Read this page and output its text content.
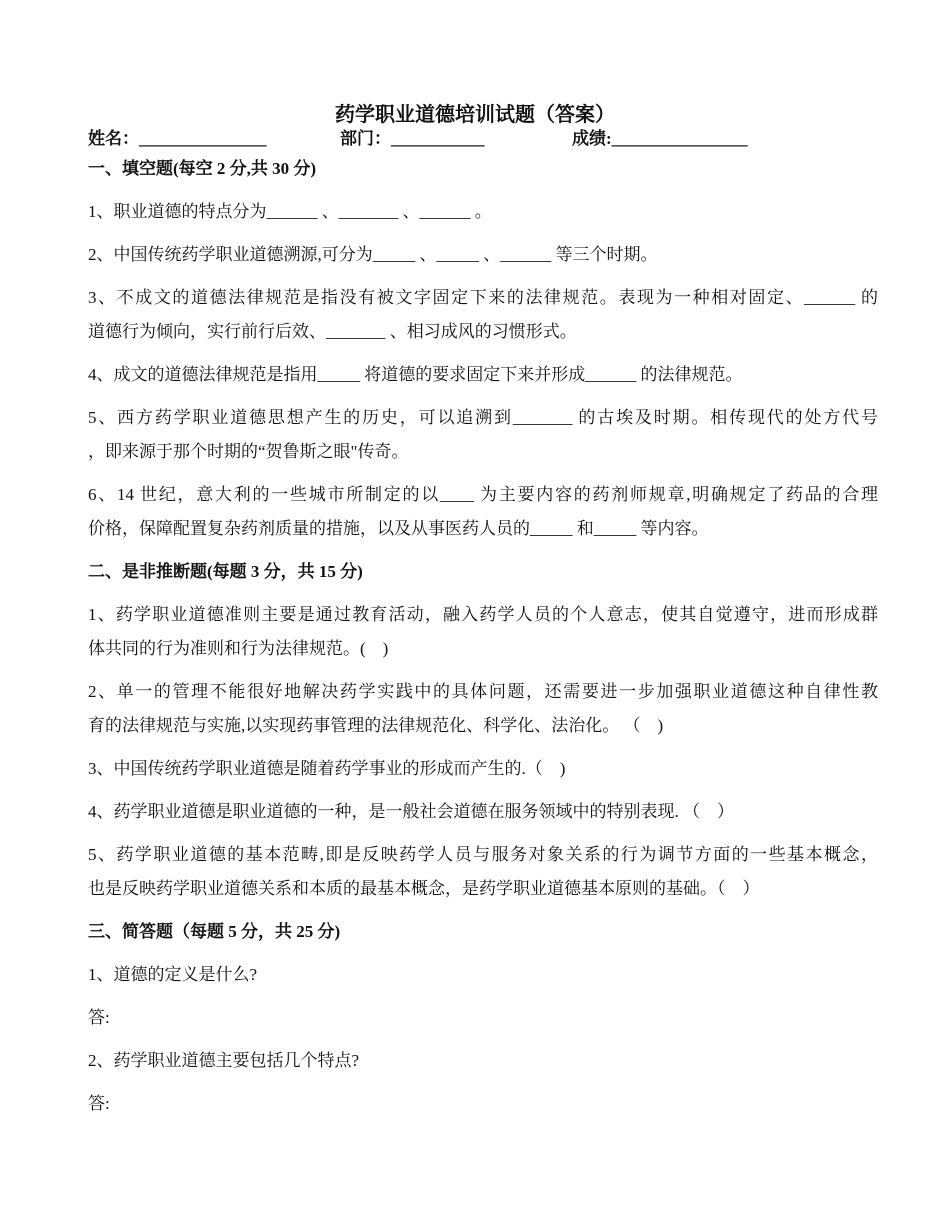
药学职业道德培训试题（答案）
姓名：_______________	部门：___________	成绩:________________
一、填空题(每空 2 分,共 30 分)
1、职业道德的特点分为______ 、_______ 、______ 。
2、中国传统药学职业道德溯源,可分为_____ 、_____ 、______ 等三个时期。
3、不成文的道德法律规范是指没有被文字固定下来的法律规范。表现为一种相对固定、______ 的
道德行为倾向，实行前行后效、_______ 、相习成风的习惯形式。
4、成文的道德法律规范是指用_____ 将道德的要求固定下来并形成______ 的法律规范。
5、西方药学职业道德思想产生的历史，可以追溯到_______ 的古埃及时期。相传现代的处方代号
，即来源于那个时期的“贺鲁斯之眼"传奇。
6、14 世纪，意大利的一些城市所制定的以____ 为主要内容的药剂师规章,明确规定了药品的合理
价格，保障配置复杂药剂质量的措施，以及从事医药人员的_____ 和_____ 等内容。
二、是非推断题(每题 3 分，共 15 分)
1、药学职业道德准则主要是通过教育活动，融入药学人员的个人意志，使其自觉遵守，进而形成群
体共同的行为准则和行为法律规范。(　)
2、单一的管理不能很好地解决药学实践中的具体问题，还需要进一步加强职业道德这种自律性教
育的法律规范与实施,以实现药事管理的法律规范化、科学化、法治化。 （　)
3、中国传统药学职业道德是随着药学事业的形成而产生的.（　)
4、药学职业道德是职业道德的一种，是一般社会道德在服务领域中的特别表现. （　）
5、药学职业道德的基本范畴,即是反映药学人员与服务对象关系的行为调节方面的一些基本概念，
也是反映药学职业道德关系和本质的最基本概念，是药学职业道德基本原则的基础。（　）
三、简答题（每题 5 分，共 25 分)
1、道德的定义是什么?
答:
2、药学职业道德主要包括几个特点?
答:
